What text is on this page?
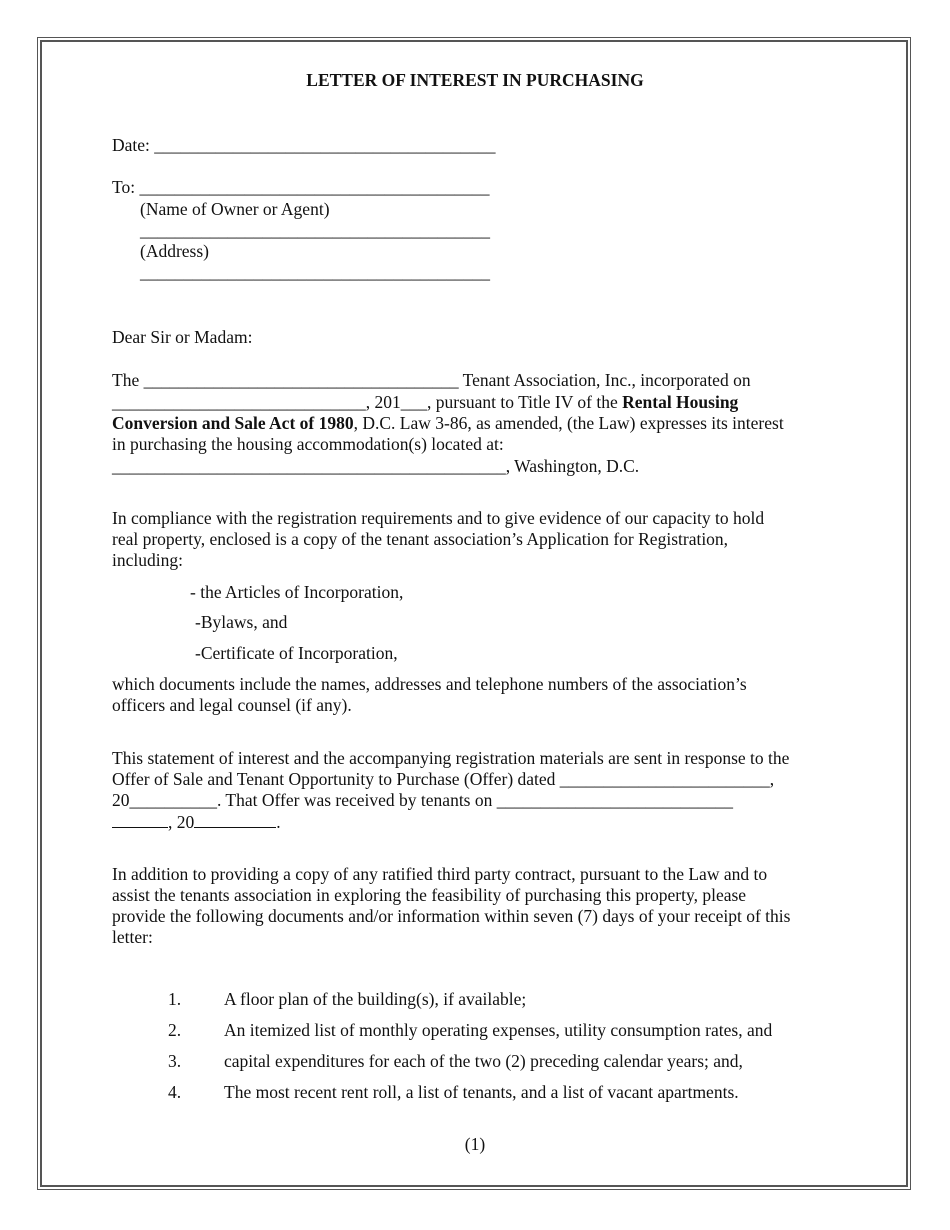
LETTER OF INTEREST IN PURCHASING
Date: _______________________________________
To: ________________________________________
(Name of Owner or Agent)
________________________________________
(Address)
________________________________________
Dear Sir or Madam:
The ____________________________________ Tenant Association, Inc., incorporated on
_____________________________, 201___, pursuant to Title IV of the Rental Housing
Conversion and Sale Act of 1980, D.C. Law 3-86, as amended, (the Law) expresses its interest
in purchasing the housing accommodation(s) located at:
_____________________________________________, Washington, D.C.
In compliance with the registration requirements and to give evidence of our capacity to hold
real property, enclosed is a copy of the tenant association’s Application for Registration,
including:
- the Articles of Incorporation,
-Bylaws, and
-Certificate of Incorporation,
which documents include the names, addresses and telephone numbers of the association’s
officers and legal counsel (if any).
This statement of interest and the accompanying registration materials are sent in response to the
Offer of Sale and Tenant Opportunity to Purchase (Offer) dated ________________________,
20__________. That Offer was received by tenants on ___________________________
, 20	.
In addition to providing a copy of any ratified third party contract, pursuant to the Law and to
assist the tenants association in exploring the feasibility of purchasing this property, please
provide the following documents and/or information within seven (7) days of your receipt of this
letter:
1. A floor plan of the building(s), if available;
2. An itemized list of monthly operating expenses, utility consumption rates, and
3. capital expenditures for each of the two (2) preceding calendar years; and,
4. The most recent rent roll, a list of tenants, and a list of vacant apartments.
(1)
